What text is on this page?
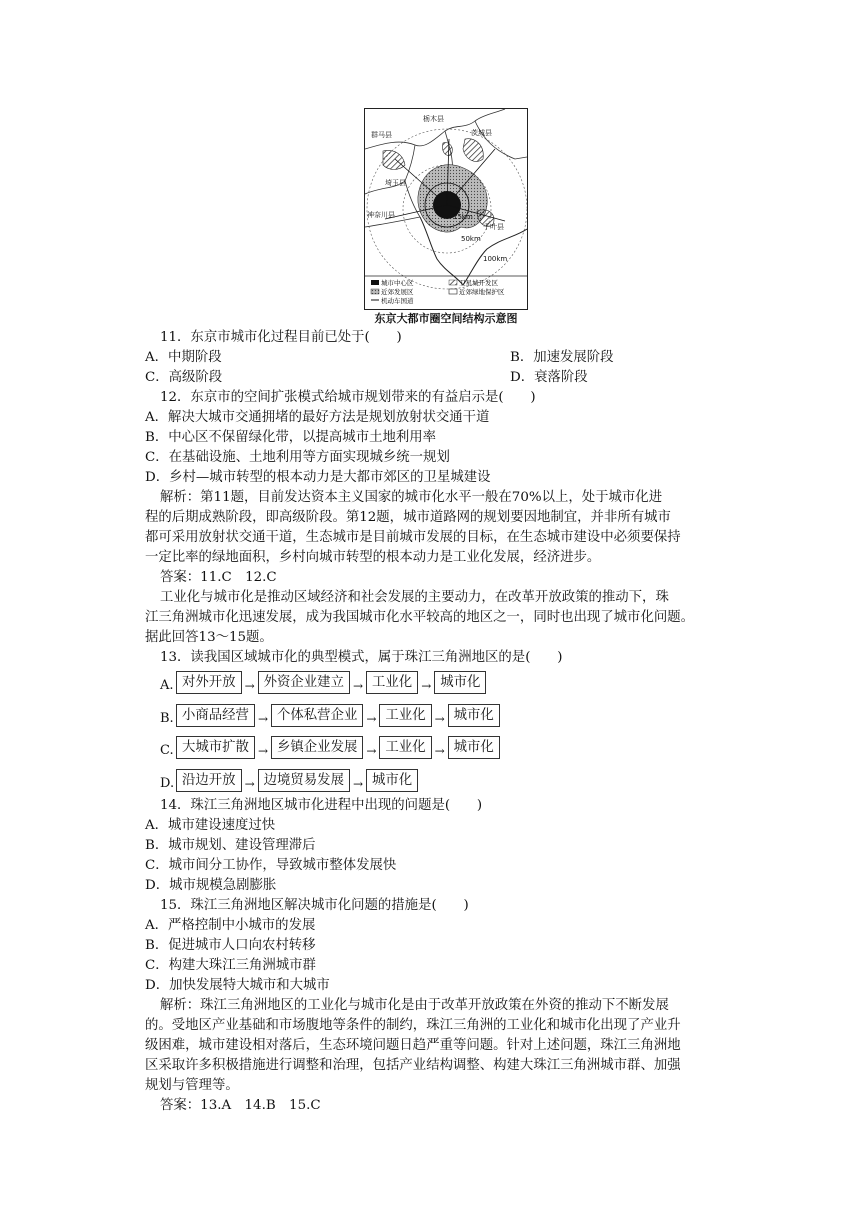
群马县
栃木县
茨城县
埼玉县
神奈川县
千叶县
15km
50km
100km
城市中心区	卫星城开发区
近郊发展区	近郊绿地保护区
机动车国道
东京大都市圈空间结构示意图
11．东京市城市化过程目前已处于(　　)
A．中期阶段	B．加速发展阶段
C．高级阶段	D．衰落阶段
12．东京市的空间扩张模式给城市规划带来的有益启示是(　　)
A．解决大城市交通拥堵的最好方法是规划放射状交通干道
B．中心区不保留绿化带，以提高城市土地利用率
C．在基础设施、土地利用等方面实现城乡统一规划
D．乡村—城市转型的根本动力是大都市郊区的卫星城建设
解析：第11题，目前发达资本主义国家的城市化水平一般在70%以上，处于城市化进
程的后期成熟阶段，即高级阶段。第12题，城市道路网的规划要因地制宜，并非所有城市
都可采用放射状交通干道，生态城市是目前城市发展的目标，在生态城市建设中必须要保持
一定比率的绿地面积，乡村向城市转型的根本动力是工业化发展，经济进步。
答案：11.C　12.C
工业化与城市化是推动区域经济和社会发展的主要动力，在改革开放政策的推动下，珠
江三角洲城市化迅速发展，成为我国城市化水平较高的地区之一，同时也出现了城市化问题。
据此回答13～15题。
13．读我国区域城市化的典型模式，属于珠江三角洲地区的是(　　)
A. 对外开放 → 外资企业建立 → 工业化 → 城市化
B. 小商品经营 → 个体私营企业 → 工业化 → 城市化
C. 大城市扩散 → 乡镇企业发展 → 工业化 → 城市化
D. 沿边开放 → 边境贸易发展 → 城市化
14．珠江三角洲地区城市化进程中出现的问题是(　　)
A．城市建设速度过快
B．城市规划、建设管理滞后
C．城市间分工协作，导致城市整体发展快
D．城市规模急剧膨胀
15．珠江三角洲地区解决城市化问题的措施是(　　)
A．严格控制中小城市的发展
B．促进城市人口向农村转移
C．构建大珠江三角洲城市群
D．加快发展特大城市和大城市
解析：珠江三角洲地区的工业化与城市化是由于改革开放政策在外资的推动下不断发展
的。受地区产业基础和市场腹地等条件的制约，珠江三角洲的工业化和城市化出现了产业升
级困难，城市建设相对落后，生态环境问题日趋严重等问题。针对上述问题，珠江三角洲地
区采取许多积极措施进行调整和治理，包括产业结构调整、构建大珠江三角洲城市群、加强
规划与管理等。
答案：13.A　14.B　15.C
